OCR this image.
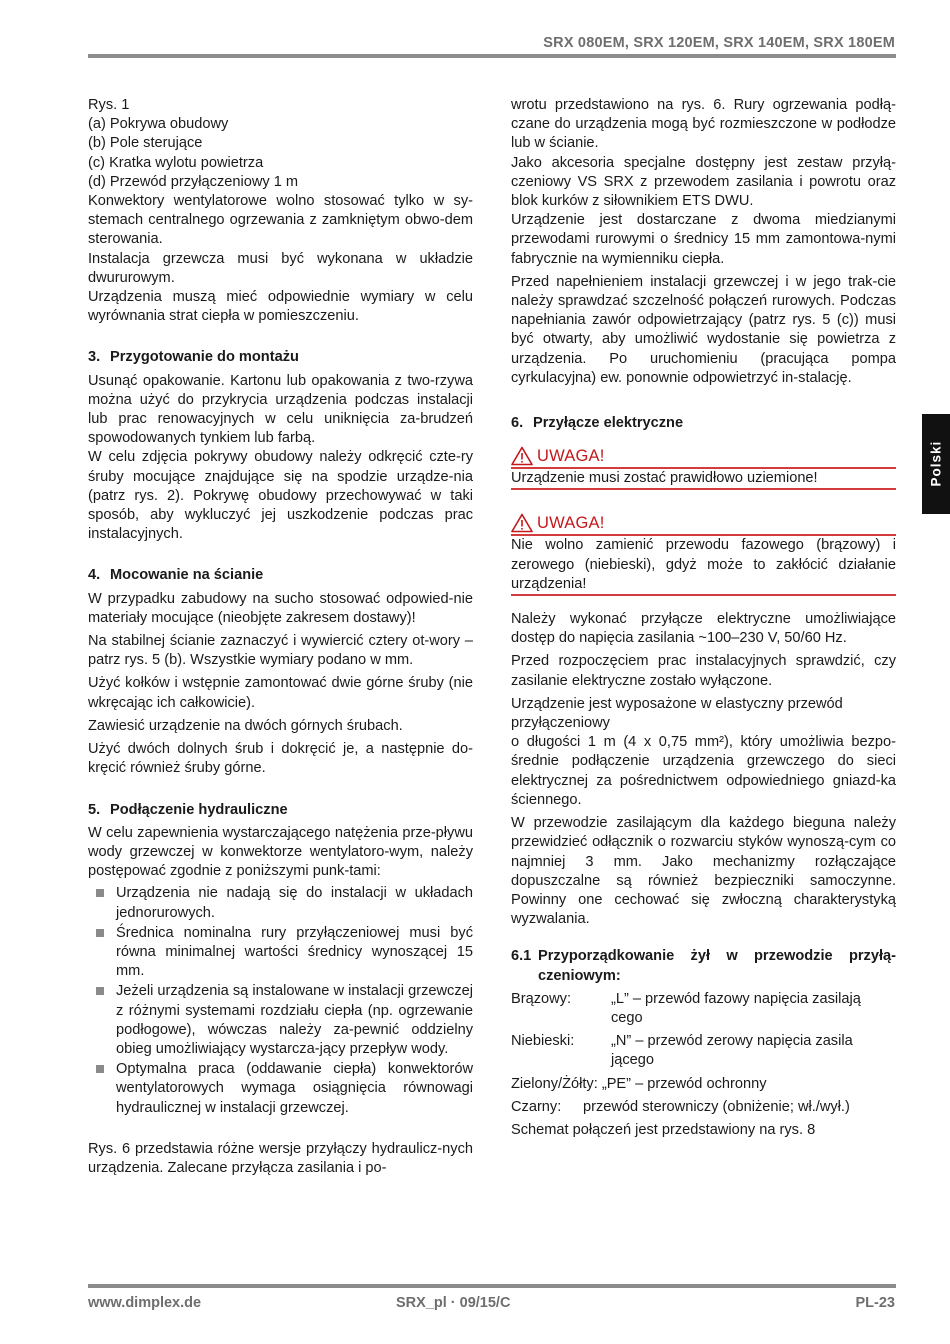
SRX 080EM, SRX 120EM, SRX 140EM, SRX 180EM
Polski

Rys. 1

(a) Pokrywa obudowy

(b) Pole sterujące

(c) Kratka wylotu powietrza

(d) Przewód przyłączeniowy 1 m

Konwektory wentylatorowe wolno stosować tylko w sy-stemach centralnego ogrzewania z zamkniętym obwo-dem sterowania.

Instalacja grzewcza musi być wykonana w układzie dwururowym.

Urządzenia muszą mieć odpowiednie wymiary w celu wyrównania strat ciepła w pomieszczeniu.

3. Przygotowanie do montażu

Usunąć opakowanie. Kartonu lub opakowania z two-rzywa można użyć do przykrycia urządzenia podczas instalacji lub prac renowacyjnych w celu uniknięcia za-brudzeń spowodowanych tynkiem lub farbą.

W celu zdjęcia pokrywy obudowy należy odkręcić czte-ry śruby mocujące znajdujące się na spodzie urządze-nia (patrz rys. 2). Pokrywę obudowy przechowywać w taki sposób, aby wykluczyć jej uszkodzenie podczas prac instalacyjnych.

4. Mocowanie na ścianie

W przypadku zabudowy na sucho stosować odpowied-nie materiały mocujące (nieobjęte zakresem dostawy)!

Na stabilnej ścianie zaznaczyć i wywiercić cztery ot-wory – patrz rys. 5 (b). Wszystkie wymiary podano w mm.

Użyć kołków i wstępnie zamontować dwie górne śruby (nie wkręcając ich całkowicie).

Zawiesić urządzenie na dwóch górnych śrubach.

Użyć dwóch dolnych śrub i dokręcić je, a następnie do-kręcić również śruby górne.

5. Podłączenie hydrauliczne

W celu zapewnienia wystarczającego natężenia prze-pływu wody grzewczej w konwektorze wentylatoro-wym, należy postępować zgodnie z poniższymi punk-tami:

Urządzenia nie nadają się do instalacji w układach jednorurowych.
Średnica nominalna rury przyłączeniowej musi być równa minimalnej wartości średnicy wynoszącej 15 mm.
Jeżeli urządzenia są instalowane w instalacji grzewczej z różnymi systemami rozdziału ciepła (np. ogrzewanie podłogowe), wówczas należy za-pewnić oddzielny obieg umożliwiający wystarcza-jący przepływ wody.
Optymalna praca (oddawanie ciepła) konwektorów wentylatorowych wymaga osiągnięcia równowagi hydraulicznej w instalacji grzewczej.

Rys. 6 przedstawia różne wersje przyłączy hydraulicz-nych urządzenia. Zalecane przyłącza zasilania i po-

wrotu przedstawiono na rys. 6. Rury ogrzewania podłą-czane do urządzenia mogą być rozmieszczone w podłodze lub w ścianie.

Jako akcesoria specjalne dostępny jest zestaw przyłą-czeniowy VS SRX z przewodem zasilania i powrotu oraz blok kurków z siłownikiem ETS DWU.

Urządzenie jest dostarczane z dwoma miedzianymi przewodami rurowymi o średnicy 15 mm zamontowa-nymi fabrycznie na wymienniku ciepła.

Przed napełnieniem instalacji grzewczej i w jego trak-cie należy sprawdzać szczelność połączeń rurowych. Podczas napełniania zawór odpowietrzający (patrz rys. 5 (c)) musi być otwarty, aby umożliwić wydostanie się powietrza z urządzenia. Po uruchomieniu (pracująca pompa cyrkulacyjna) ew. ponownie odpowietrzyć in-stalację.

6. Przyłącze elektryczne
UWAGA!

Urządzenie musi zostać prawidłowo uziemione!

UWAGA!

Nie wolno zamienić przewodu fazowego (brązowy) i zerowego (niebieski), gdyż może to zakłócić działanie urządzenia!

Należy wykonać przyłącze elektryczne umożliwiające dostęp do napięcia zasilania ~100–230 V, 50/60 Hz.

Przed rozpoczęciem prac instalacyjnych sprawdzić, czy zasilanie elektryczne zostało wyłączone.

Urządzenie jest wyposażone w elastyczny przewód przyłączeniowy

o długości 1 m (4 x 0,75 mm²), który umożliwia bezpo-średnie podłączenie urządzenia grzewczego do sieci elektrycznej za pośrednictwem odpowiedniego gniazd-ka ściennego.

W przewodzie zasilającym dla każdego bieguna należy przewidzieć odłącznik o rozwarciu styków wynoszą-cym co najmniej 3 mm. Jako mechanizmy rozłączające dopuszczalne są również bezpieczniki samoczynne. Powinny one cechować się zwłoczną charakterystyką wyzwalania.

6.1 Przyporządkowanie żył w przewodzie przyłą-czeniowym:
Brązowy:	„L” – przewód fazowy napięcia zasilają cego
Niebieski:	„N” – przewód zerowy napięcia zasila jącego

Zielony/Żółty: „PE” – przewód ochronny

Czarny:	przewód sterowniczy (obniżenie; wł./wył.)

Schemat połączeń jest przedstawiony na rys. 8

www.dimplex.de	SRX_pl · 09/15/C	PL-23
